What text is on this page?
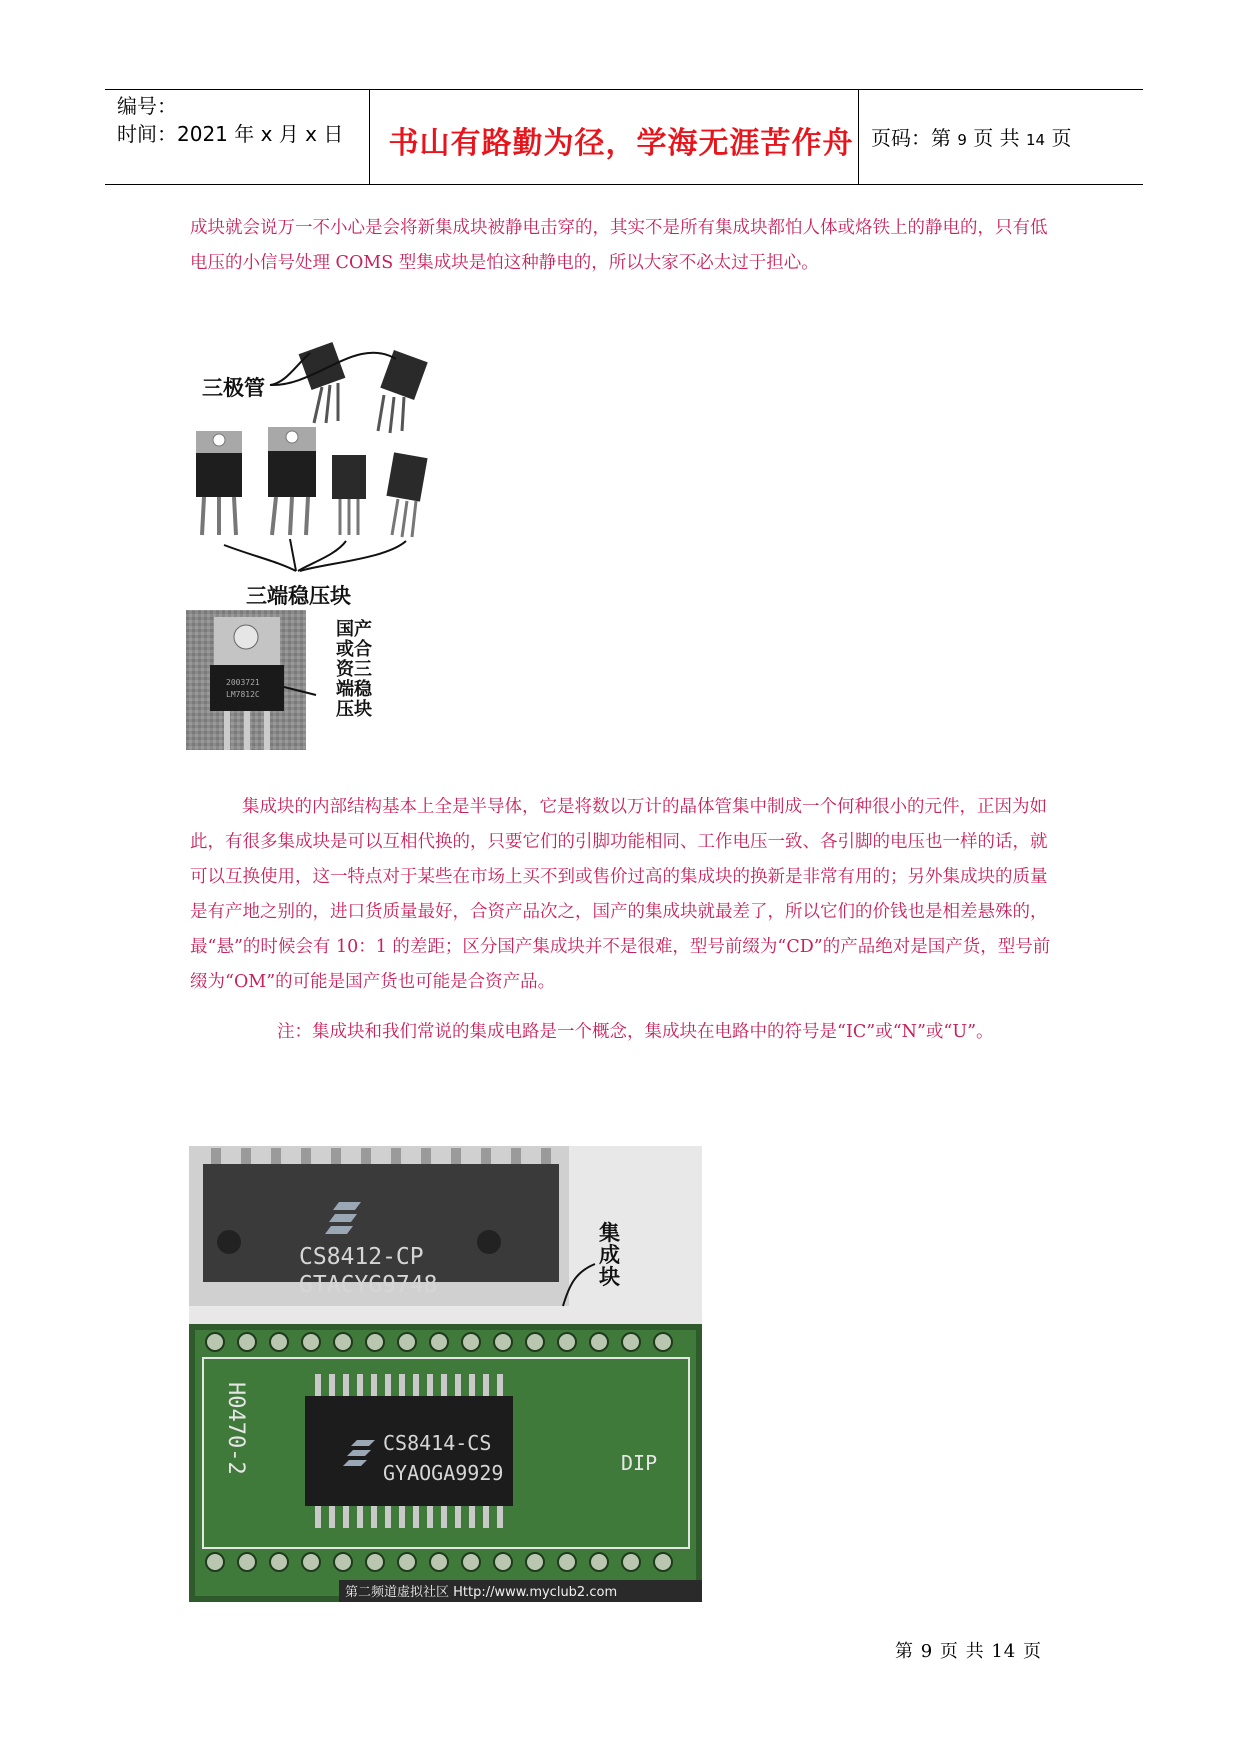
编号：
时间：2021 年 x 月 x 日	书山有路勤为径，学海无涯苦作舟 页码：第 9 页 共 14 页
成块就会说万一不小心是会将新集成块被静电击穿的，其实不是所有集成块都怕人体或烙铁上的静电的，只有低电压的小信号处理 COMS 型集成块是怕这种静电的，所以大家不必太过于担心。
三极管
三端稳压块
2003721
LM7812C
国产
或合
资三
端稳
压块
集成块的内部结构基本上全是半导体，它是将数以万计的晶体管集中制成一个何种很小的元件，正因为如此，有很多集成块是可以互相代换的，只要它们的引脚功能相同、工作电压一致、各引脚的电压也一样的话，就可以互换使用，这一特点对于某些在市场上买不到或售价过高的集成块的换新是非常有用的；另外集成块的质量是有产地之别的，进口货质量最好，合资产品次之，国产的集成块就最差了，所以它们的价钱也是相差悬殊的，最“悬”的时候会有 10：1 的差距；区分国产集成块并不是很难，型号前缀为“CD”的产品绝对是国产货，型号前缀为“OM”的可能是国产货也可能是合资产品。
注：集成块和我们常说的集成电路是一个概念，集成块在电路中的符号是“IC”或“N”或“U”。
CS8412-CP
GTACYG9748
集
成
块
CS8414-CS
GYAOGA9929
H0470-2	DIP
第二频道虚拟社区 Http://www.myclub2.com
第 9 页 共 14 页
